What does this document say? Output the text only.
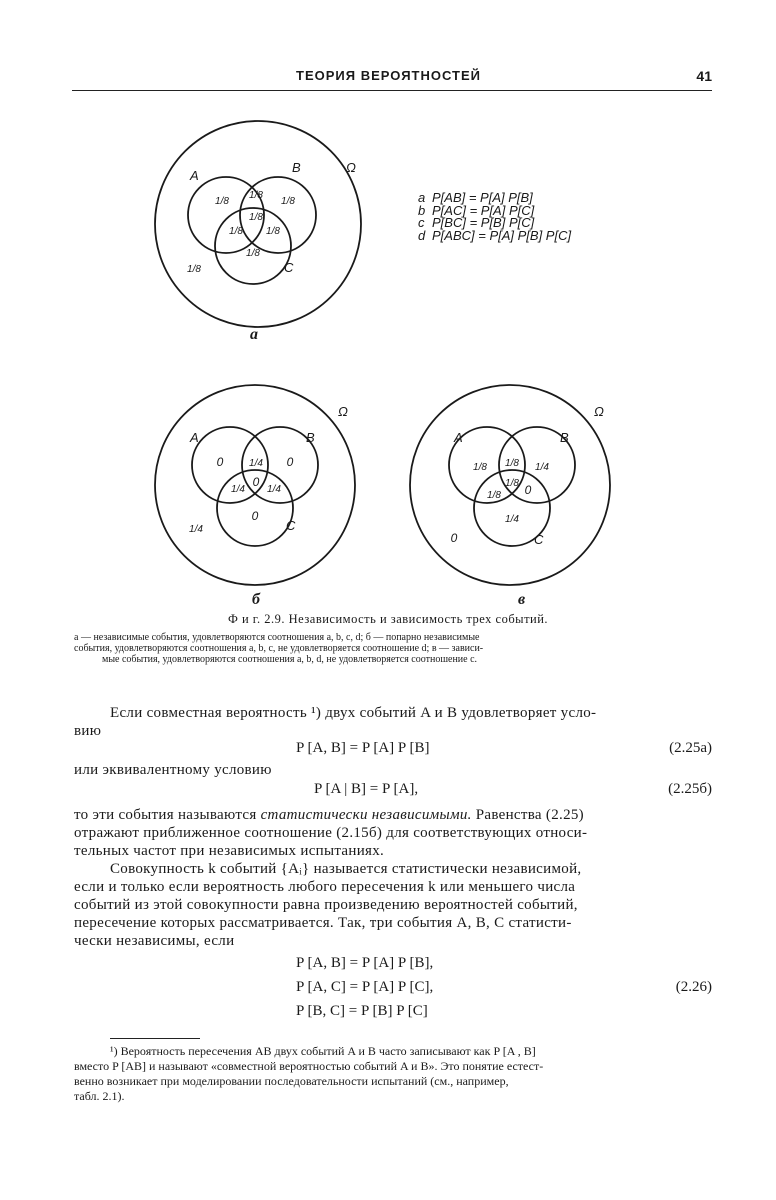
ТЕОРИЯ ВЕРОЯТНОСТЕЙ	41
A
B	Ω
C
1/8	1/8
1/8
1/8
1/8 1/8
1/8
1/8
a
a P[AB] = P[A] P[B]
b P[AC] = P[A] P[C]
c P[BC] = P[B] P[C]
d P[ABC] = P[A] P[B] P[C]
A	B
Ω
C
0	0
1/4
0
1/4 1/4
0
1/4
б
A	B
Ω
C
1/8	1/4
1/8
1/8
1/8 0
1/4
0
в
Ф и г. 2.9. Независимость и зависимость трех событий.
а — независимые события, удовлетворяются соотношения a, b, c, d; б — попарно независимые
события, удовлетворяются соотношения a, b, c, не удовлетворяется соотношение d; в — зависи-
мые события, удовлетворяются соотношения a, b, d, не удовлетворяется соотношение c.
Если совместная вероятность ¹) двух событий A и B удовлетворяет усло-
вию
P [A, B] = P [A] P [B]	(2.25а)
или эквивалентному условию
P [A | B] = P [A],	(2.25б)
то эти события называются статистически независимыми. Равенства (2.25)
отражают приближенное соотношение (2.15б) для соответствующих относи-
тельных частот при независимых испытаниях.
Совокупность k событий {Aᵢ} называется статистически независимой,
если и только если вероятность любого пересечения k или меньшего числа
событий из этой совокупности равна произведению вероятностей событий,
пересечение которых рассматривается. Так, три события A, B, C статисти-
чески независимы, если
P [A, B] = P [A] P [B],
P [A, C] = P [A] P [C],
P [B, C] = P [B] P [C]
(2.26)
¹) Вероятность пересечения AB двух событий A и B часто записывают как P [A , B]
вместо P [AB] и называют «совместной вероятностью событий A и B». Это понятие естест-
венно возникает при моделировании последовательности испытаний (см., например,
табл. 2.1).
